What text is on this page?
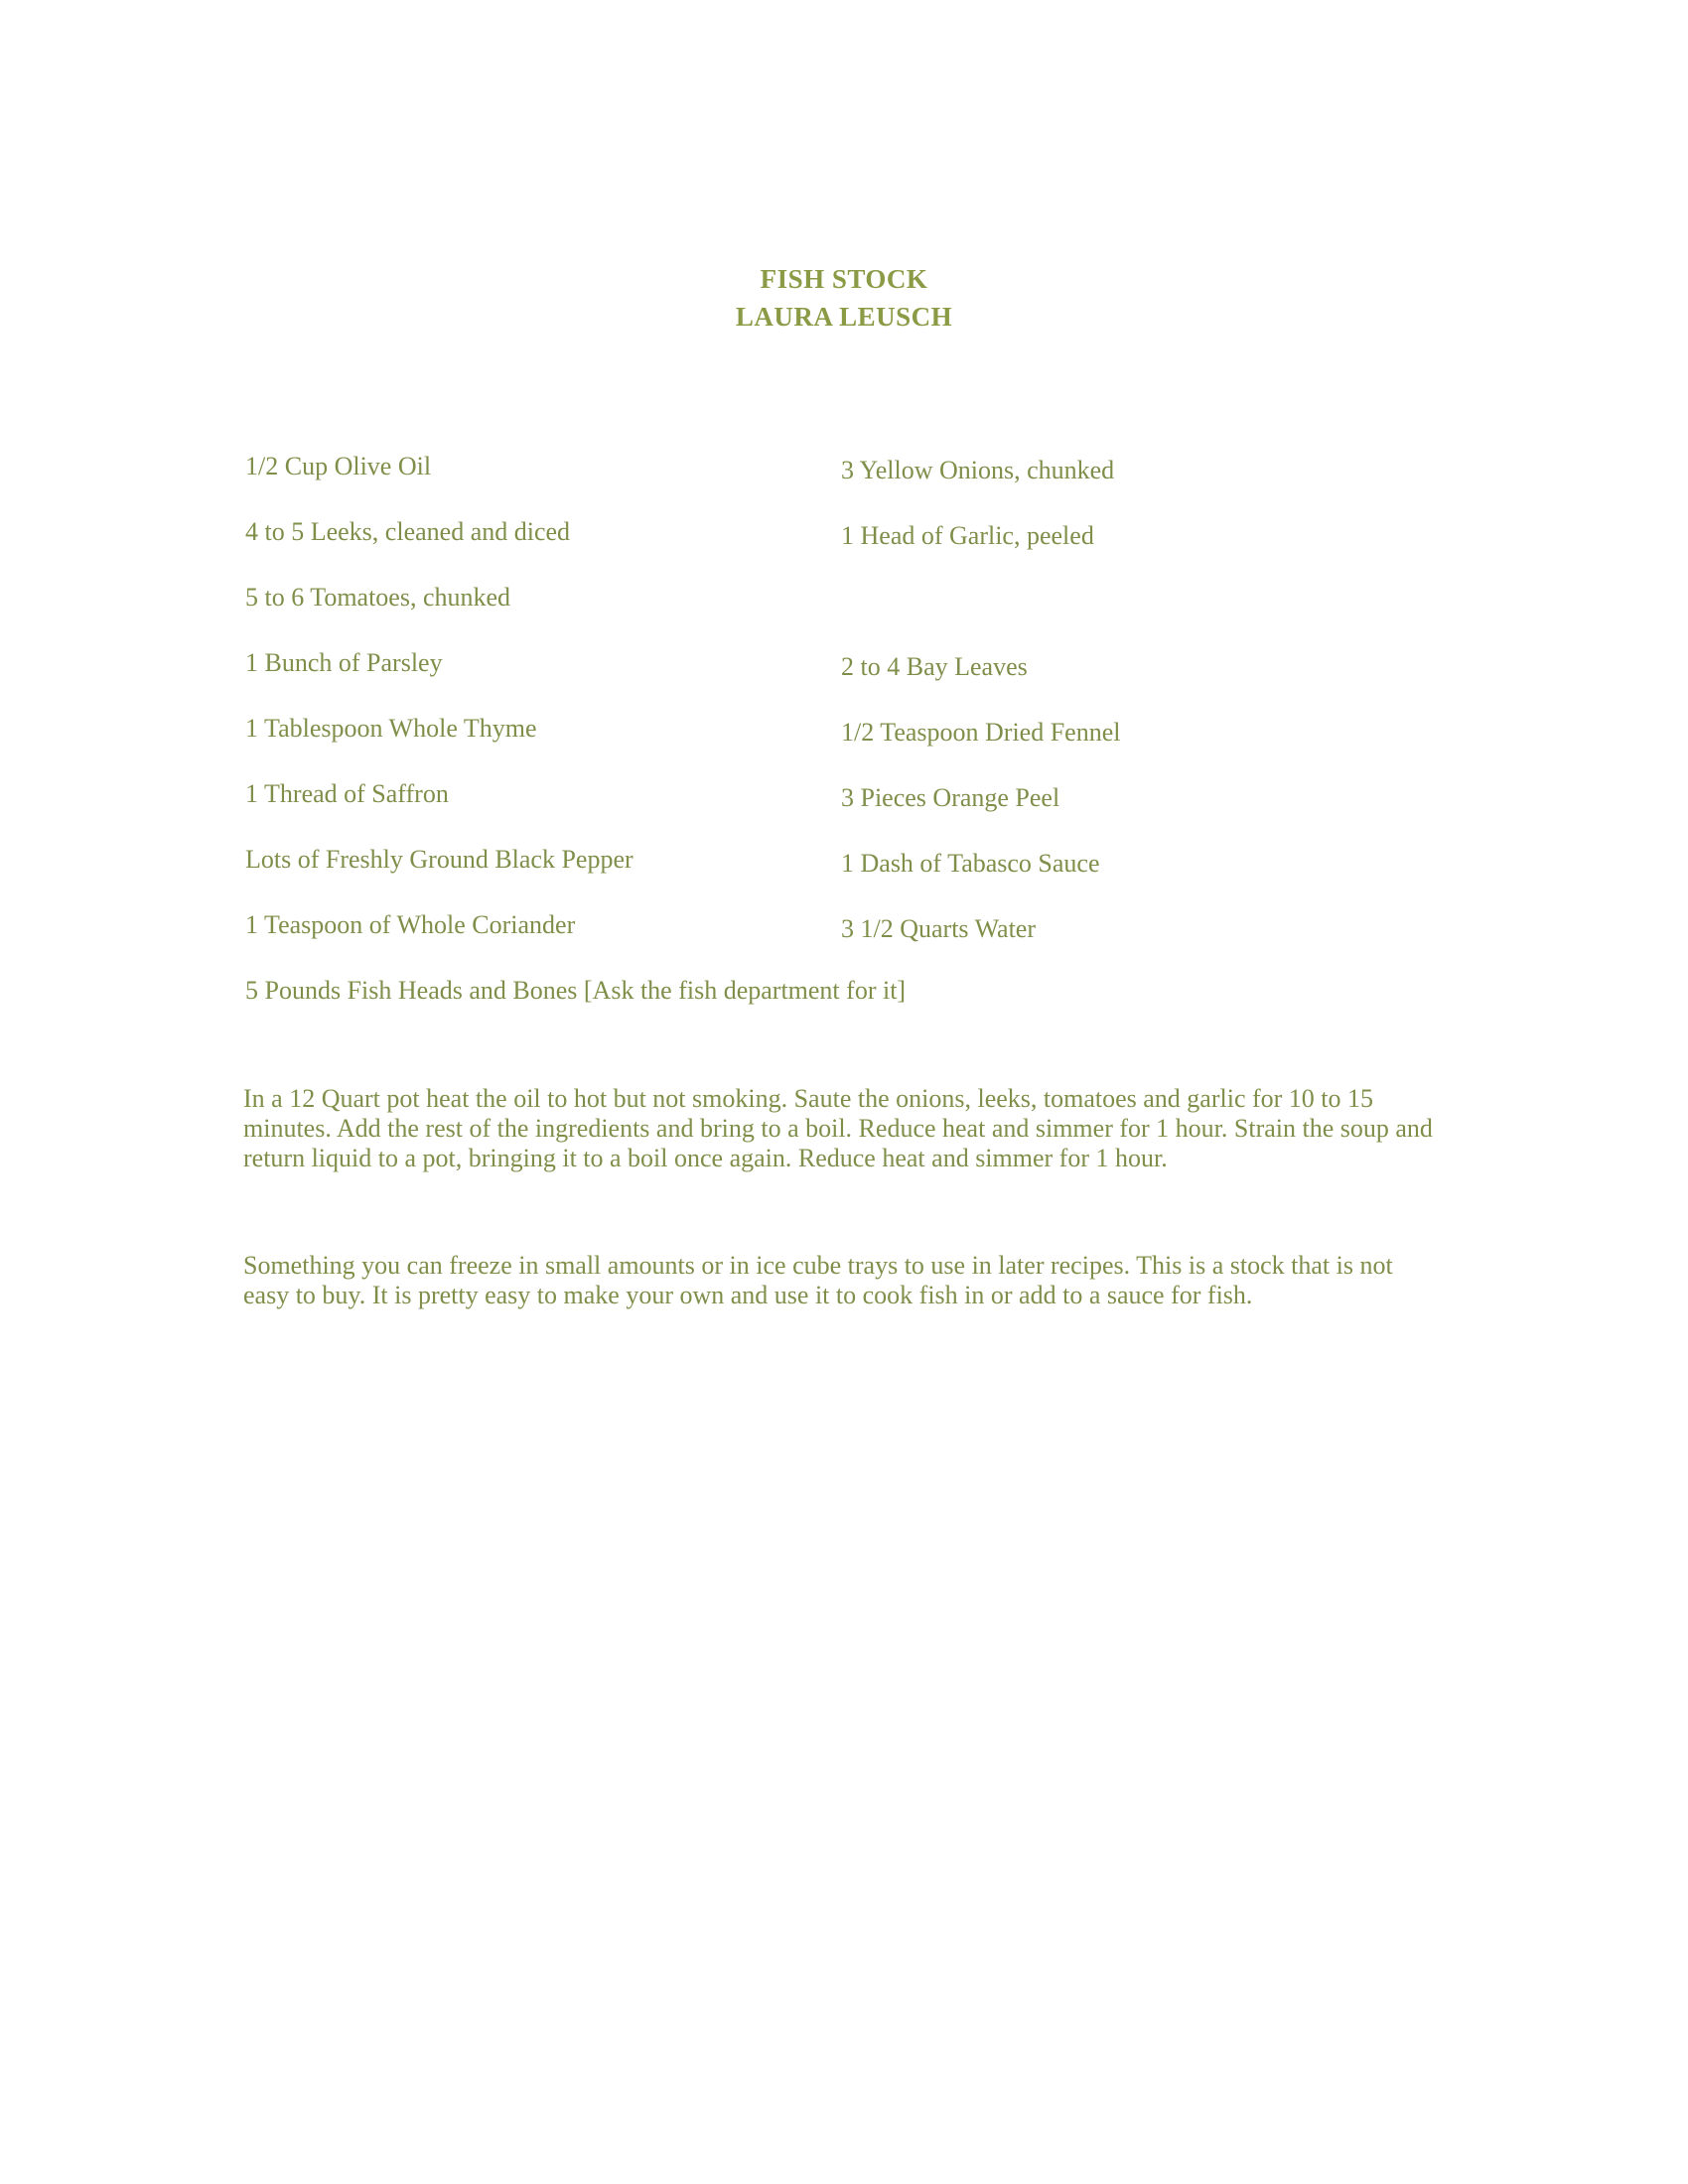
FISH STOCK
LAURA LEUSCH
1/2 Cup Olive Oil	3 Yellow Onions, chunked
4 to 5 Leeks, cleaned and diced	1 Head of Garlic, peeled
5 to 6 Tomatoes, chunked
1 Bunch of Parsley	2 to 4 Bay Leaves
1 Tablespoon Whole Thyme	1/2 Teaspoon Dried Fennel
1 Thread of Saffron	3 Pieces Orange Peel
Lots of Freshly Ground Black Pepper	1 Dash of Tabasco Sauce
1 Teaspoon of Whole Coriander	3 1/2 Quarts Water
5 Pounds Fish Heads and Bones [Ask the fish department for it]
In a 12 Quart pot heat the oil to hot but not smoking. Saute the onions, leeks, tomatoes and garlic for 10 to 15 minutes. Add the rest of the ingredients and bring to a boil. Reduce heat and simmer for 1 hour. Strain the soup and return liquid to a pot, bringing it to a boil once again. Reduce heat and simmer for 1 hour.
Something you can freeze in small amounts or in ice cube trays to use in later recipes. This is a stock that is not easy to buy. It is pretty easy to make your own and use it to cook fish in or add to a sauce for fish.
